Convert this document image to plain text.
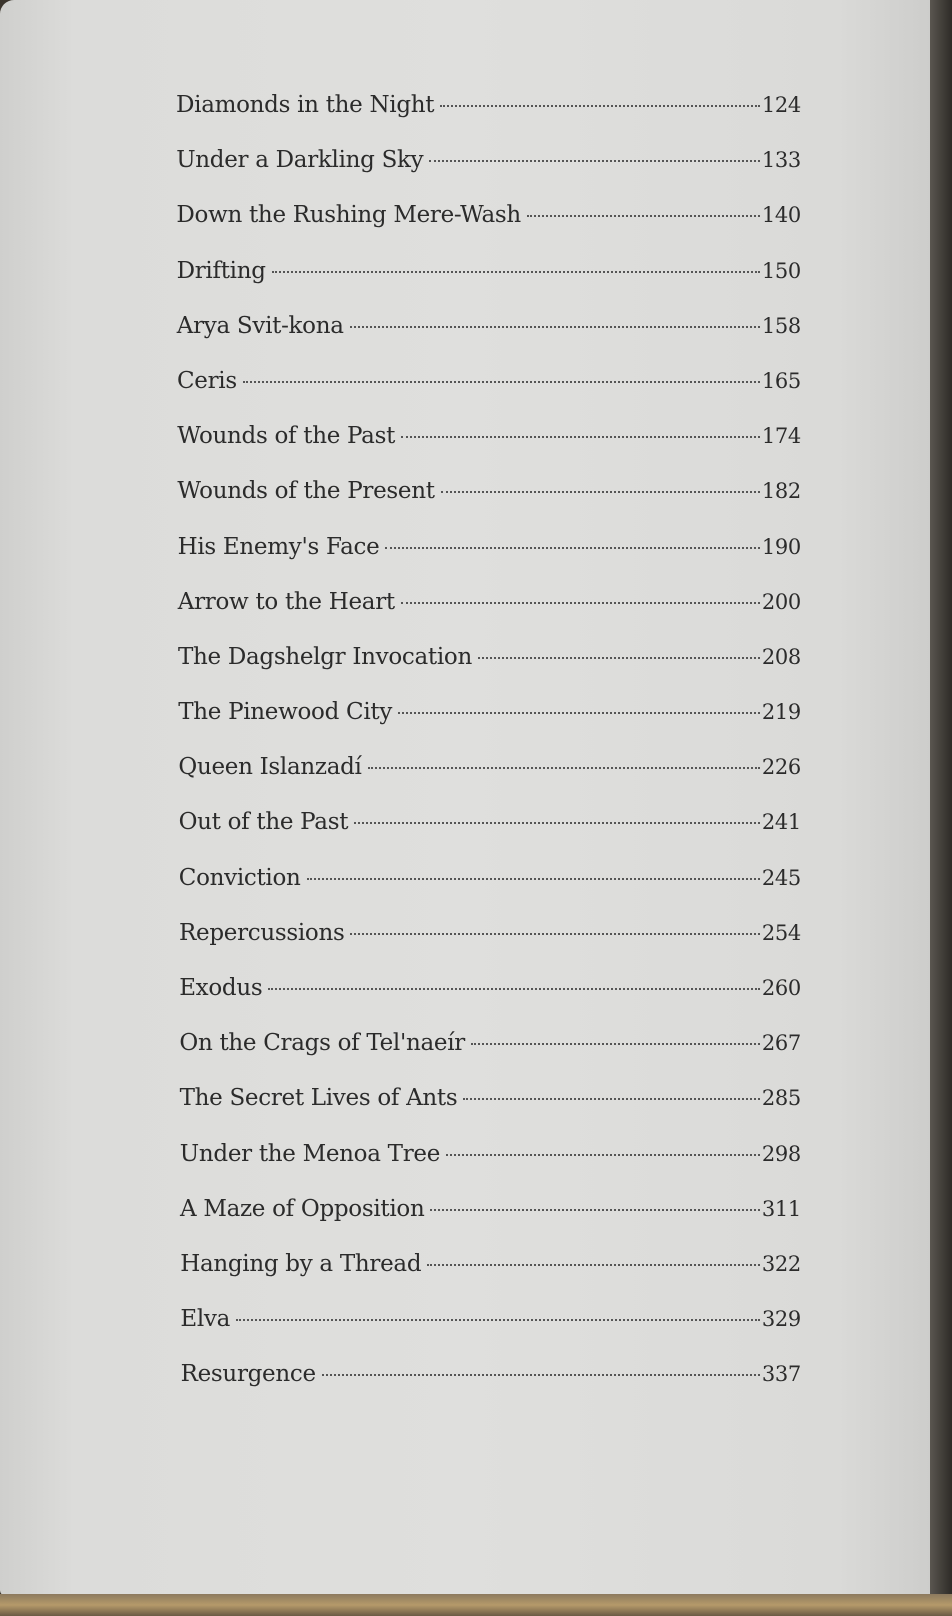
Diamonds in the Night	124
Under a Darkling Sky	133
Down the Rushing Mere-Wash	140
Drifting	150
Arya Svit-kona	158
Ceris	165
Wounds of the Past	174
Wounds of the Present	182
His Enemy's Face	190
Arrow to the Heart	200
The Dagshelgr Invocation	208
The Pinewood City	219
Queen Islanzadí	226
Out of the Past	241
Conviction	245
Repercussions	254
Exodus	260
On the Crags of Tel'naeír	267
The Secret Lives of Ants	285
Under the Menoa Tree	298
A Maze of Opposition	311
Hanging by a Thread	322
Elva	329
Resurgence	337
